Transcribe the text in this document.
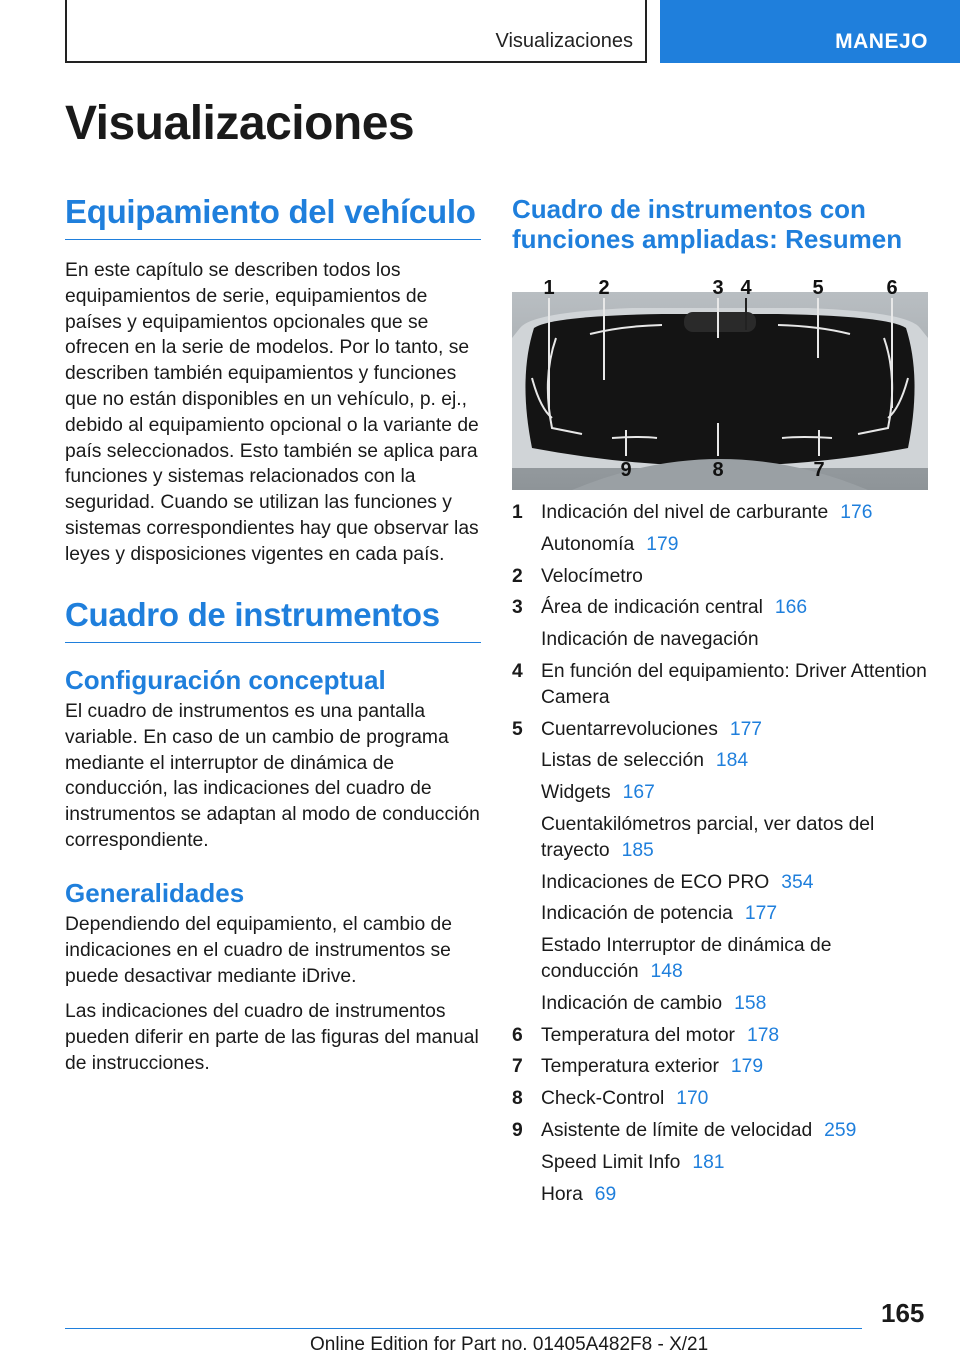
Visualizaciones	MANEJO
Visualizaciones
Equipamiento del vehículo

En este capítulo se describen todos los equipamientos de serie, equipamientos de países y equipamientos opcionales que se ofrecen en la serie de modelos. Por lo tanto, se describen también equipamientos y funciones que no están disponibles en un vehículo, p. ej., debido al equipamiento opcional o la variante de país seleccionados. Esto también se aplica para funciones y sistemas relacionados con la seguridad. Cuando se utilizan las funciones y sistemas correspondientes hay que observar las leyes y disposiciones vigentes en cada país.

Cuadro de instrumentos
Configuración conceptual

El cuadro de instrumentos es una pantalla variable. En caso de un cambio de programa mediante el interruptor de dinámica de conducción, las indicaciones del cuadro de instrumentos se adaptan al modo de conducción correspondiente.

Generalidades

Dependiendo del equipamiento, el cambio de indicaciones en el cuadro de instrumentos se puede desactivar mediante iDrive.

Las indicaciones del cuadro de instrumentos pueden diferir en parte de las figuras del manual de instrucciones.

Cuadro de instrumentos con funciones ampliadas: Resumen
1 2	3 4	5	6
9	8	7
1 Indicación del nivel de carburante 176
Autonomía 179
2 Velocímetro
3 Área de indicación central 166
Indicación de navegación
4 En función del equipamiento: Driver Attention Camera
5 Cuentarrevoluciones 177
Listas de selección 184
Widgets 167
Cuentakilómetros parcial, ver datos del trayecto 185
Indicaciones de ECO PRO 354
Indicación de potencia 177
Estado Interruptor de dinámica de conducción 148
Indicación de cambio 158
6 Temperatura del motor 178
7 Temperatura exterior 179
8 Check-Control 170
9 Asistente de límite de velocidad 259
Speed Limit Info 181
Hora 69
165
Online Edition for Part no. 01405A482F8 - X/21
